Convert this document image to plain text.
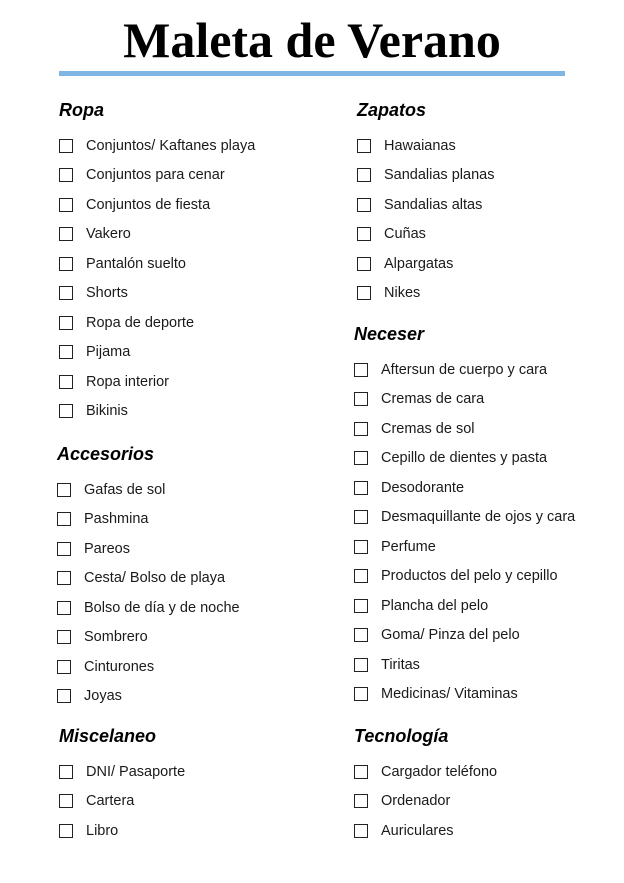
Maleta de Verano
Ropa
Conjuntos/ Kaftanes playa
Conjuntos para cenar
Conjuntos de fiesta
Vakero
Pantalón suelto
Shorts
Ropa de deporte
Pijama
Ropa interior
Bikinis
Accesorios
Gafas de sol
Pashmina
Pareos
Cesta/ Bolso de playa
Bolso de día y de noche
Sombrero
Cinturones
Joyas
Miscelaneo
DNI/ Pasaporte
Cartera
Libro
Zapatos
Hawaianas
Sandalias planas
Sandalias altas
Cuñas
Alpargatas
Nikes
Neceser
Aftersun de cuerpo y cara
Cremas de cara
Cremas de sol
Cepillo de dientes y pasta
Desodorante
Desmaquillante de ojos y cara
Perfume
Productos del pelo y cepillo
Plancha del pelo
Goma/ Pinza del pelo
Tiritas
Medicinas/ Vitaminas
Tecnología
Cargador teléfono
Ordenador
Auriculares
